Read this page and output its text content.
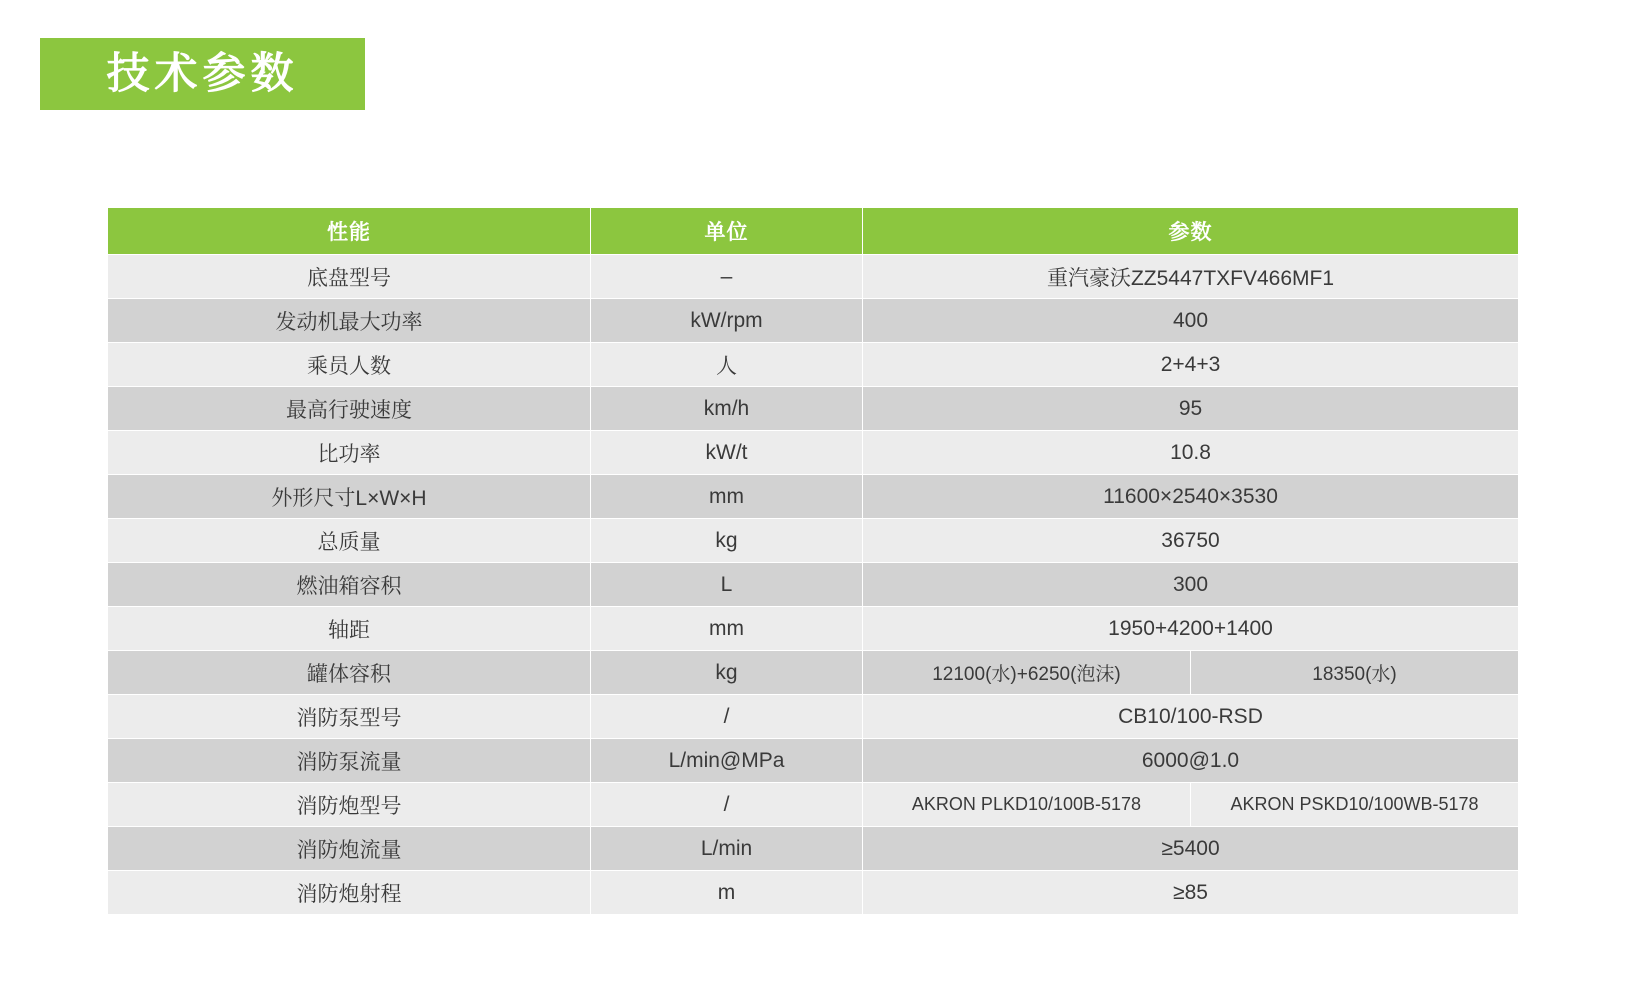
技术参数
性能	单位	参数
底盘型号	–	重汽豪沃ZZ5447TXFV466MF1
发动机最大功率	kW/rpm	400
乘员人数	人	2+4+3
最高行驶速度	km/h	95
比功率	kW/t	10.8
外形尺寸L×W×H	mm	11600×2540×3530
总质量	kg	36750
燃油箱容积	L	300
轴距	mm	1950+4200+1400
罐体容积	kg	12100(水)+6250(泡沫) 18350(水)

消防泵型号	/	CB10/100-RSD
消防泵流量	L/min@MPa	6000@1.0
消防炮型号	/	AKRON PLKD10/100B-5178 AKRON PSKD10/100WB-5178

消防炮流量	L/min	≥5400
消防炮射程	m	≥85
